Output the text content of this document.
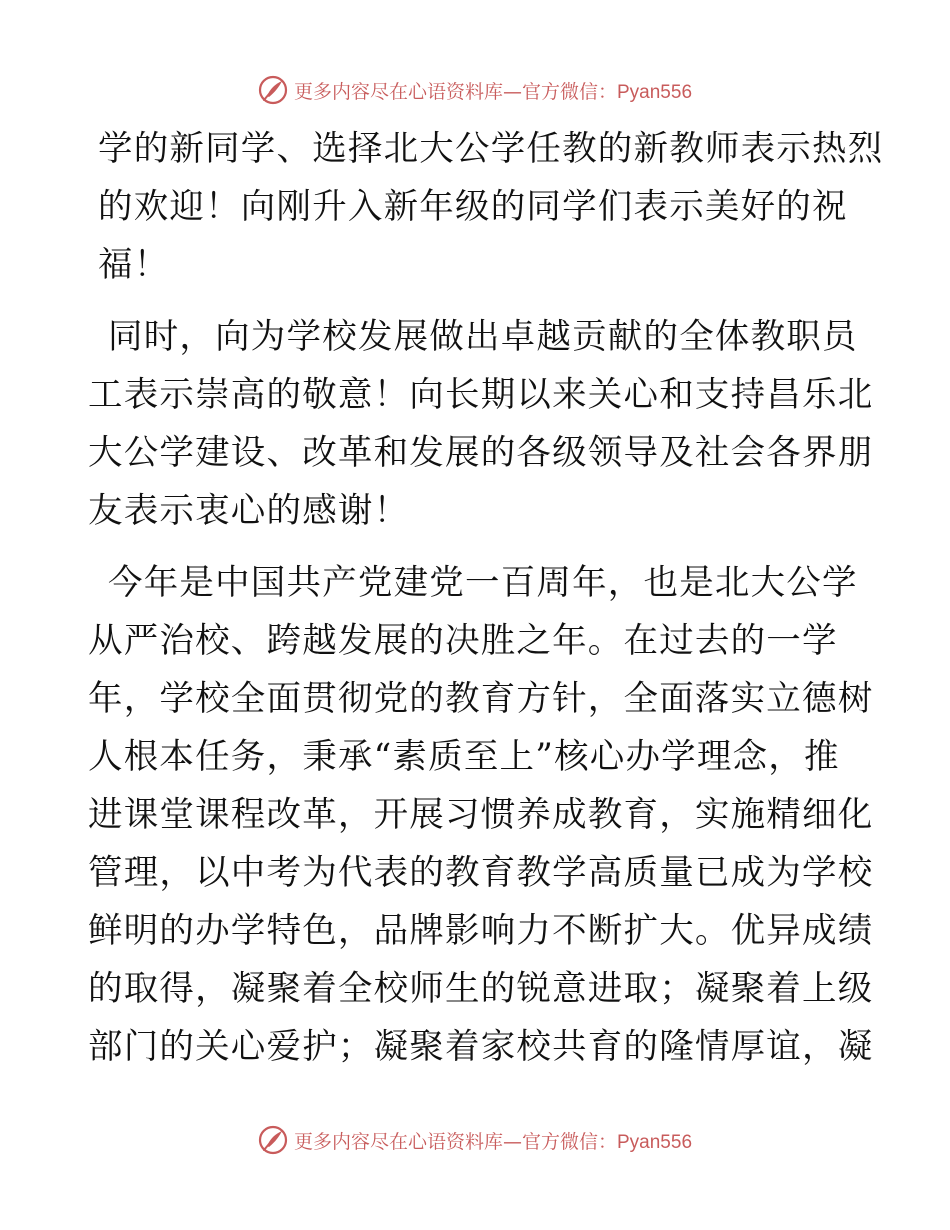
更多内容尽在心语资料库—官方微信：Pyan556

学的新同学、选择北大公学任教的新教师表示热烈
的欢迎！向刚升入新年级的同学们表示美好的祝
福！

同时，向为学校发展做出卓越贡献的全体教职员
工表示崇高的敬意！向长期以来关心和支持昌乐北
大公学建设、改革和发展的各级领导及社会各界朋
友表示衷心的感谢！

今年是中国共产党建党一百周年，也是北大公学
从严治校、跨越发展的决胜之年。在过去的一学
年，学校全面贯彻党的教育方针，全面落实立德树
人根本任务，秉承“素质至上”核心办学理念，推
进课堂课程改革，开展习惯养成教育，实施精细化
管理，以中考为代表的教育教学高质量已成为学校
鲜明的办学特色，品牌影响力不断扩大。优异成绩
的取得，凝聚着全校师生的锐意进取；凝聚着上级
部门的关心爱护；凝聚着家校共育的隆情厚谊，凝

更多内容尽在心语资料库—官方微信：Pyan556
